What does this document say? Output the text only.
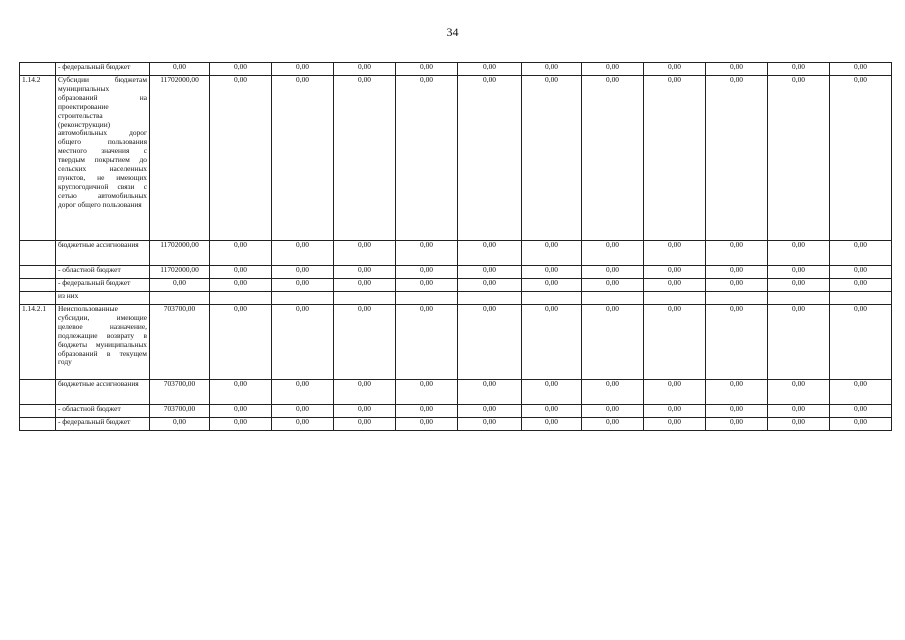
34
	- федеральный бюджет	0,00	0,00	0,00	0,00	0,00	0,00	0,00	0,00	0,00	0,00	0,00	0,00
1.14.2	Субсидии бюджетам муниципальных образований на проектирование строительства (реконструкции) автомобильных дорог общего пользования местного значения с твердым покрытием до сельских населенных пунктов, не имеющих круглогодичной связи с сетью автомобильных дорог общего пользования	11702000,00	0,00	0,00	0,00	0,00	0,00	0,00	0,00	0,00	0,00	0,00	0,00
	бюджетные ассигнования	11702000,00	0,00	0,00	0,00	0,00	0,00	0,00	0,00	0,00	0,00	0,00	0,00
	- областной бюджет	11702000,00	0,00	0,00	0,00	0,00	0,00	0,00	0,00	0,00	0,00	0,00	0,00
	- федеральный бюджет	0,00	0,00	0,00	0,00	0,00	0,00	0,00	0,00	0,00	0,00	0,00	0,00
	из них												
1.14.2.1	Неиспользованные субсидии, имеющие целевое назначение, подлежащие возврату в бюджеты муниципальных образований в текущем году	703700,00	0,00	0,00	0,00	0,00	0,00	0,00	0,00	0,00	0,00	0,00	0,00
	бюджетные ассигнования	703700,00	0,00	0,00	0,00	0,00	0,00	0,00	0,00	0,00	0,00	0,00	0,00
	- областной бюджет	703700,00	0,00	0,00	0,00	0,00	0,00	0,00	0,00	0,00	0,00	0,00	0,00
	- федеральный бюджет	0,00	0,00	0,00	0,00	0,00	0,00	0,00	0,00	0,00	0,00	0,00	0,00
